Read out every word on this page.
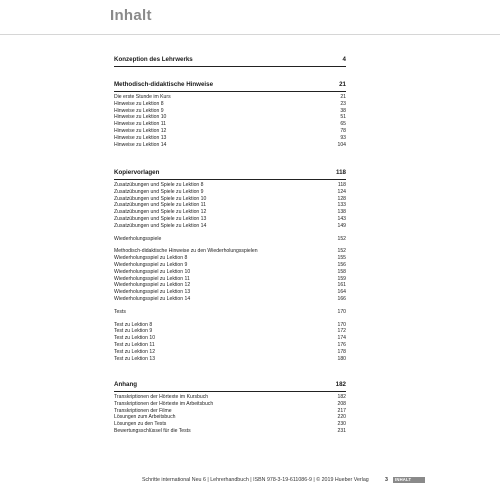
Inhalt
Konzeption des Lehrwerks	4
Methodisch-didaktische Hinweise	21
Die erste Stunde im Kurs	21
Hinweise zu Lektion 8	23
Hinweise zu Lektion 9	38
Hinweise zu Lektion 10	51
Hinweise zu Lektion 11	65
Hinweise zu Lektion 12	78
Hinweise zu Lektion 13	93
Hinweise zu Lektion 14	104
Kopiervorlagen	118
Zusatzübungen und Spiele zu Lektion 8	118
Zusatzübungen und Spiele zu Lektion 9	124
Zusatzübungen und Spiele zu Lektion 10	128
Zusatzübungen und Spiele zu Lektion 11	133
Zusatzübungen und Spiele zu Lektion 12	138
Zusatzübungen und Spiele zu Lektion 13	143
Zusatzübungen und Spiele zu Lektion 14	149
Wiederholungsspiele	152
Methodisch-didaktische Hinweise zu den Wiederholungsspielen	152
Wiederholungsspiel zu Lektion 8	155
Wiederholungsspiel zu Lektion 9	156
Wiederholungsspiel zu Lektion 10	158
Wiederholungsspiel zu Lektion 11	159
Wiederholungsspiel zu Lektion 12	161
Wiederholungsspiel zu Lektion 13	164
Wiederholungsspiel zu Lektion 14	166
Tests	170
Test zu Lektion 8	170
Test zu Lektion 9	172
Test zu Lektion 10	174
Test zu Lektion 11	176
Test zu Lektion 12	178
Test zu Lektion 13	180
Anhang	182
Transkriptionen der Hörtexte im Kursbuch	182
Transkriptionen der Hörtexte im Arbeitsbuch	208
Transkriptionen der Filme	217
Lösungen zum Arbeitsbuch	220
Lösungen zu den Tests	230
Bewertungsschlüssel für die Tests	231
Schritte international Neu 6 | Lehrerhandbuch | ISBN 978-3-19-611086-9 | © 2019 Hueber Verlag	3	INHALT
